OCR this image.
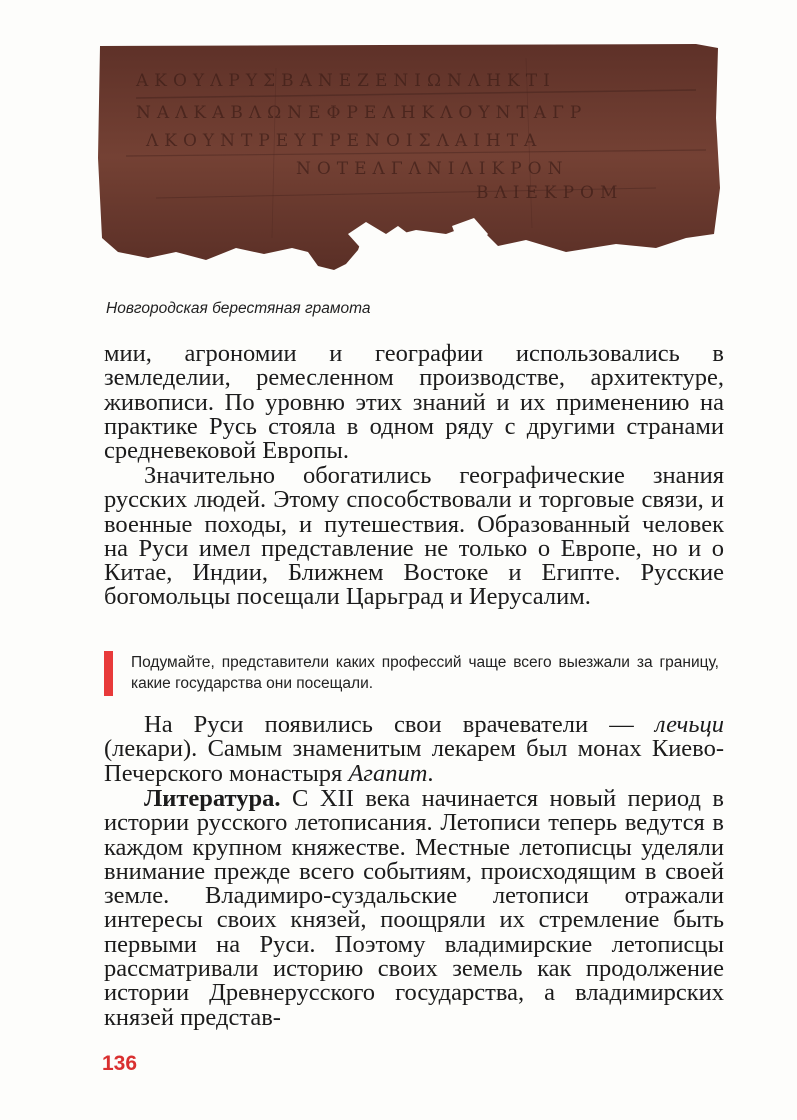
ΑΚΟΥΛΡΥΣΒΑΝΕΖΕΝΙΩΝΛΗΚΤΙ
ΝΑΛΚΑΒΛΩΝΕΦΡΕΛΗΚΛΟΥΝΤΑΓΡ
ΛΚΟΥΝΤΡΕΥΓΡΕΝΟΙΣΛΑΙΗΤΑ
ΝΟΤΕΛΓΛΝΙΛΙΚΡΟΝ
ΒΛΙΕΚΡΟΜ
Новгородская берестяная грамота

мии, агрономии и географии использовались в земледелии, ремесленном производстве, архитектуре, живописи. По уровню этих знаний и их применению на практике Русь стояла в одном ряду с другими странами средневековой Европы.

Значительно обогатились географические знания русских людей. Этому способствовали и торговые связи, и военные походы, и путешествия. Образованный человек на Руси имел представление не только о Европе, но и о Китае, Индии, Ближнем Востоке и Египте. Русские богомольцы посещали Царьград и Иерусалим.

Подумайте, представители каких профессий чаще всего выезжали за границу, какие государства они посещали.

На Руси появились свои врачеватели — лечьци (лекари). Самым знаменитым лекарем был монах Киево-Печерского монастыря Агапит.

Литература. С XII века начинается новый период в истории русского летописания. Летописи теперь ведутся в каждом крупном княжестве. Местные летописцы уделяли внимание прежде всего событиям, происходящим в своей земле. Владимиро-суздальские летописи отражали интересы своих князей, поощряли их стремление быть первыми на Руси. Поэтому владимирские летописцы рассматривали историю своих земель как продолжение истории Древнерусского государства, а владимирских князей представ-

136
